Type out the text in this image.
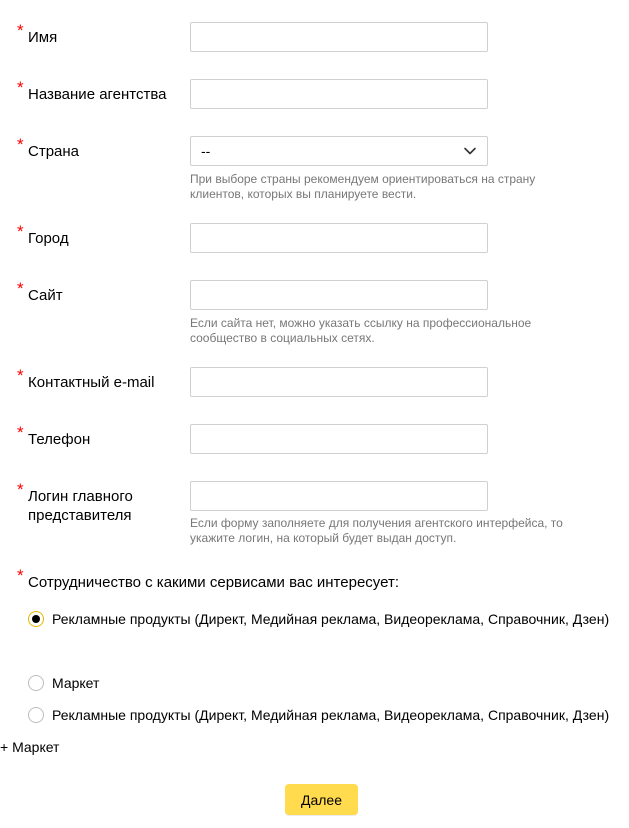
* Имя
* Название агентства
* Страна	--
При выборе страны рекомендуем ориентироваться на страну клиентов, которых вы планируете вести.
* Город
* Сайт
Если сайта нет, можно указать ссылку на профессиональное сообщество в социальных сетях.
* Контактный e-mail
* Телефон
* Логин главного представителя	Если форму заполняете для получения агентского интерфейса, то укажите логин, на который будет выдан доступ.
* Сотрудничество с какими сервисами вас интересует:
Рекламные продукты (Директ, Медийная реклама, Видеореклама, Справочник, Дзен)
Маркет
Рекламные продукты (Директ, Медийная реклама, Видеореклама, Справочник, Дзен) + Маркет
Далее
